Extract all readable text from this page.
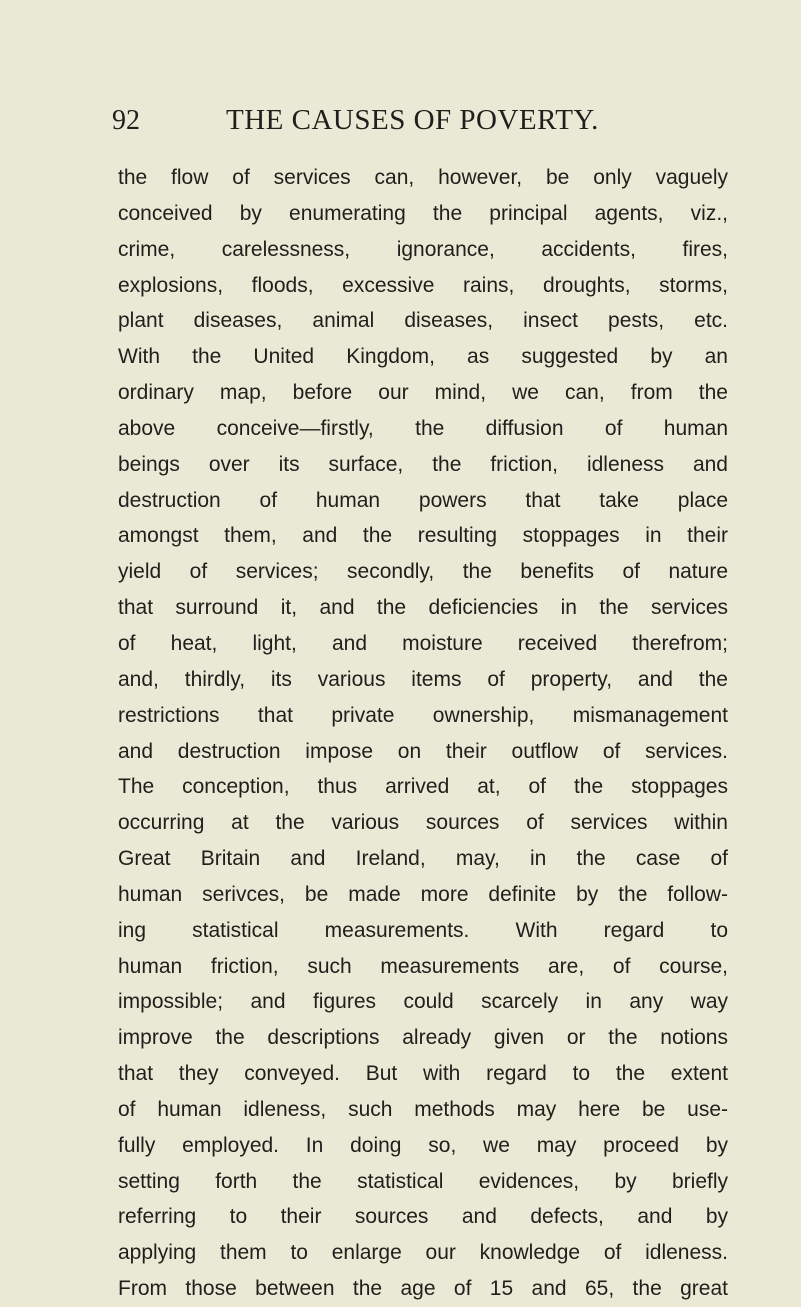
92	THE CAUSES OF POVERTY.
the flow of services can, however, be only vaguely
conceived by enumerating the principal agents, viz.,
crime, carelessness, ignorance, accidents, fires,
explosions, floods, excessive rains, droughts, storms,
plant diseases, animal diseases, insect pests, etc.
With the United Kingdom, as suggested by an
ordinary map, before our mind, we can, from the
above conceive—firstly, the diffusion of human
beings over its surface, the friction, idleness and
destruction of human powers that take place
amongst them, and the resulting stoppages in their
yield of services; secondly, the benefits of nature
that surround it, and the deficiencies in the services
of heat, light, and moisture received therefrom;
and, thirdly, its various items of property, and the
restrictions that private ownership, mismanagement
and destruction impose on their outflow of services.
The conception, thus arrived at, of the stoppages
occurring at the various sources of services within
Great Britain and Ireland, may, in the case of
human serivces, be made more definite by the follow-
ing statistical measurements. With regard to
human friction, such measurements are, of course,
impossible; and figures could scarcely in any way
improve the descriptions already given or the notions
that they conveyed. But with regard to the extent
of human idleness, such methods may here be use-
fully employed. In doing so, we may proceed by
setting forth the statistical evidences, by briefly
referring to their sources and defects, and by
applying them to enlarge our knowledge of idleness.
From those between the age of 15 and 65, the great
